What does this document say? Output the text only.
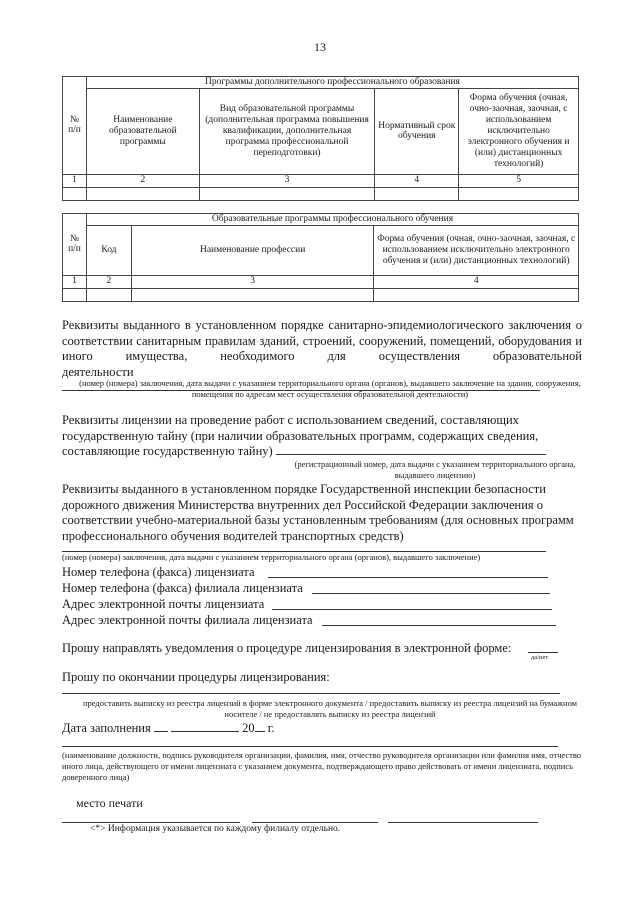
13
№ п/п	Программы дополнительного профессионального образования			
	Наименование образовательной программы	Вид образовательной программы (дополнительная программа повышения квалификации, дополнительная программа профессиональной переподготовки)	Нормативный срок обучения	Форма обучения (очная, очно-заочная, заочная, с использованием исключительно электронного обучения и (или) дистанционных технологий)
1	2	3	4	5

№ п/п	Образовательные программы профессионального обучения		
	Код	Наименование профессии	Форма обучения (очная, очно-заочная, заочная, с использованием исключительно электронного обучения и (или) дистанционных технологий)
1	2	3	4

Реквизиты выданного в установленном порядке санитарно-эпидемиологического заключения о
соответствии санитарным правилам зданий, строений, сооружений, помещений, оборудования и
иного имущества, необходимого для осуществления образовательной
деятельности
(номер (номера) заключения, дата выдачи с указанием территориального органа (органов), выдавшего заключение на здания, сооружения, помещения по адресам мест осуществления образовательной деятельности)
Реквизиты лицензии на проведение работ с использованием сведений, составляющих
государственную тайну (при наличии образовательных программ, содержащих сведения,
составляющие государственную тайну)
(регистрационный номер, дата выдачи с указанием территориального органа, выдавшего лицензию)
Реквизиты выданного в установленном порядке Государственной инспекции безопасности
дорожного движения Министерства внутренних дел Российской Федерации заключения о
соответствии учебно-материальной базы установленным требованиям (для основных программ
профессионального обучения водителей транспортных средств)
(номер (номера) заключения, дата выдачи с указанием территориального органа (органов), выдавшего заключение)
Номер телефона (факса) лицензиата
Номер телефона (факса) филиала лицензиата
Адрес электронной почты лицензиата
Адрес электронной почты филиала лицензиата
Прошу направлять уведомления о процедуре лицензирования в электронной форме:
да/нет
Прошу по окончании процедуры лицензирования:
предоставить выписку из реестра лицензий в форме электронного документа / предоставить выписку из реестра лицензий на бумажном носителе / не предоставлять выписку из реестра лицензий
Дата заполнения	20 г.
(наименование должности, подпись руководителя организации, фамилия, имя, отчество руководителя организации или фамилия имя, отчество иного лица, действующего от имени лицензиата с указанием документа, подтверждающего право действовать от имени лицензиата, подпись доверенного лица)
место печати
<*> Информация указывается по каждому филиалу отдельно.
